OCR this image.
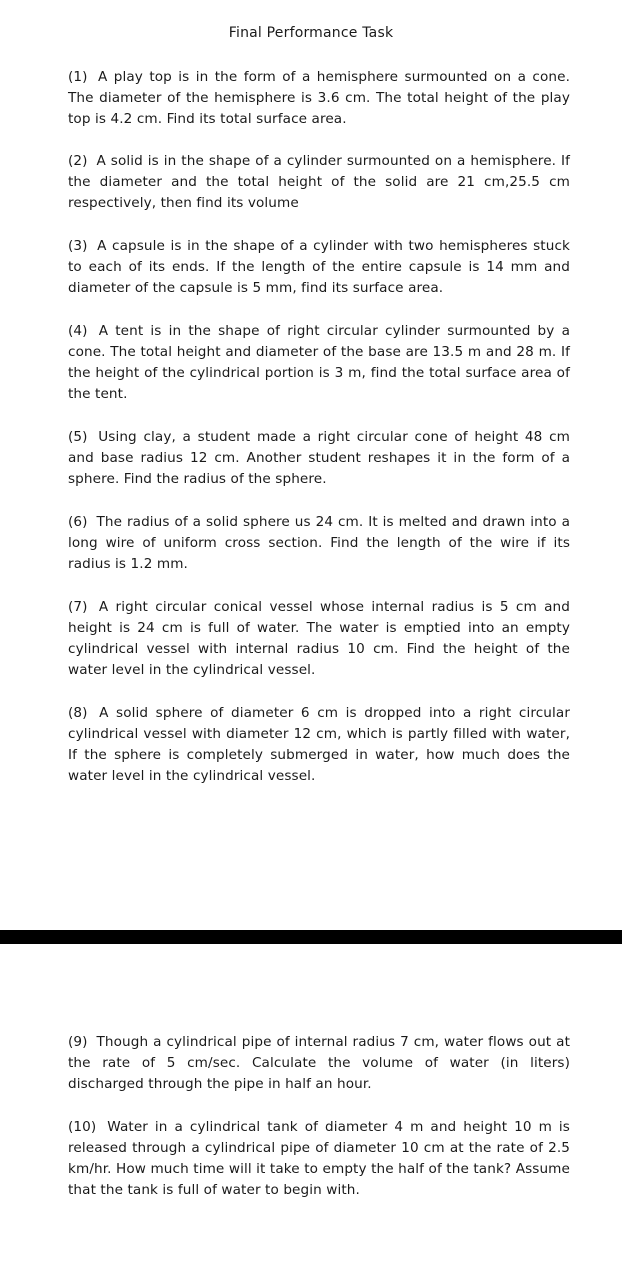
Final Performance Task

(1) A play top is in the form of a hemisphere surmounted on a cone. The diameter of the hemisphere is 3.6 cm. The total height of the play top is 4.2 cm. Find its total surface area.

(2) A solid is in the shape of a cylinder surmounted on a hemisphere. If the diameter and the total height of the solid are 21 cm,25.5 cm respectively, then find its volume

(3) A capsule is in the shape of a cylinder with two hemispheres stuck to each of its ends. If the length of the entire capsule is 14 mm and diameter of the capsule is 5 mm, find its surface area.

(4) A tent is in the shape of right circular cylinder surmounted by a cone. The total height and diameter of the base are 13.5 m and 28 m. If the height of the cylindrical portion is 3 m, find the total surface area of the tent.

(5) Using clay, a student made a right circular cone of height 48 cm and base radius 12 cm. Another student reshapes it in the form of a sphere. Find the radius of the sphere.

(6) The radius of a solid sphere us 24 cm. It is melted and drawn into a long wire of uniform cross section. Find the length of the wire if its radius is 1.2 mm.

(7) A right circular conical vessel whose internal radius is 5 cm and height is 24 cm is full of water. The water is emptied into an empty cylindrical vessel with internal radius 10 cm. Find the height of the water level in the cylindrical vessel.

(8) A solid sphere of diameter 6 cm is dropped into a right circular cylindrical vessel with diameter 12 cm, which is partly filled with water, If the sphere is completely submerged in water, how much does the water level in the cylindrical vessel.

(9) Though a cylindrical pipe of internal radius 7 cm, water flows out at the rate of 5 cm/sec. Calculate the volume of water (in liters) discharged through the pipe in half an hour.

(10) Water in a cylindrical tank of diameter 4 m and height 10 m is released through a cylindrical pipe of diameter 10 cm at the rate of 2.5 km/hr. How much time will it take to empty the half of the tank? Assume that the tank is full of water to begin with.
